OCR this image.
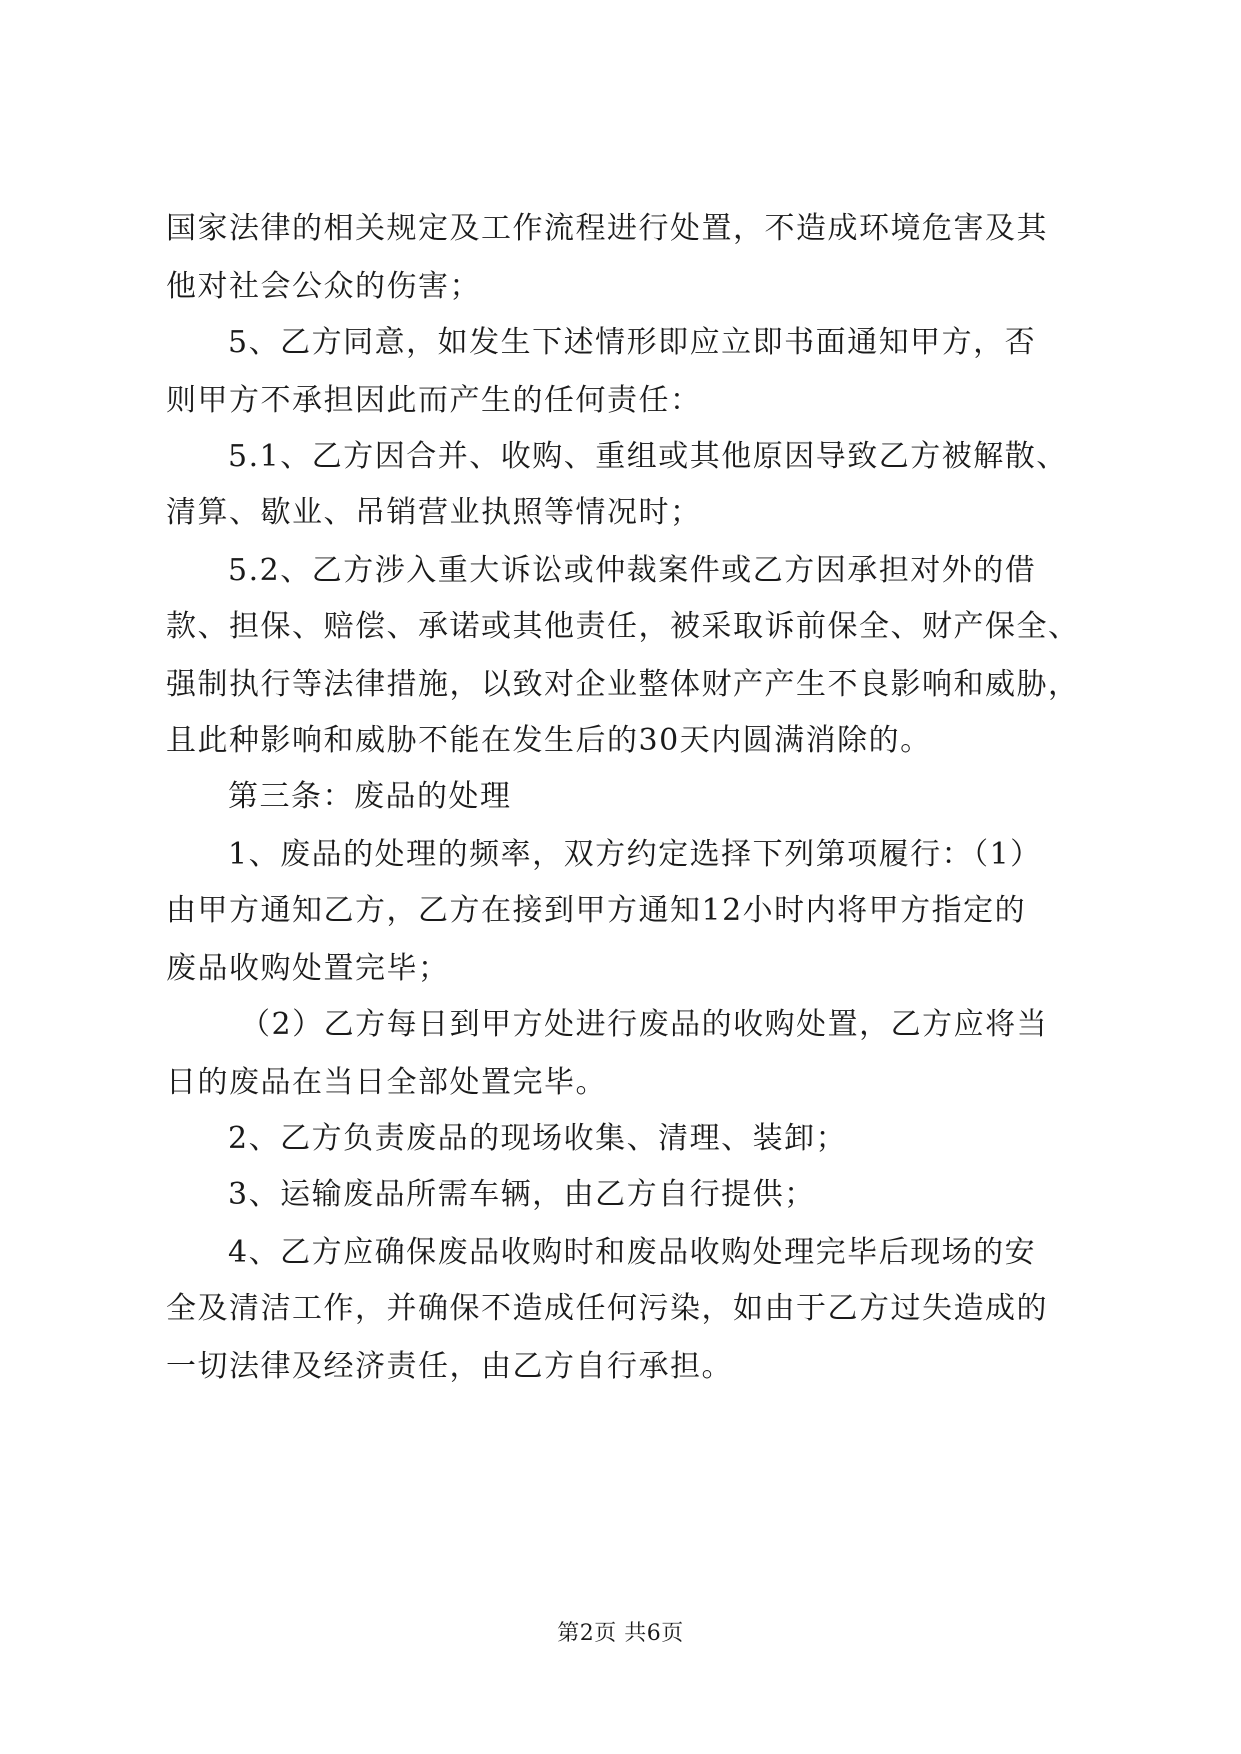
国家法律的相关规定及工作流程进行处置，不造成环境危害及其
他对社会公众的伤害；
5、乙方同意，如发生下述情形即应立即书面通知甲方，否
则甲方不承担因此而产生的任何责任：
5.1、乙方因合并、收购、重组或其他原因导致乙方被解散、
清算、歇业、吊销营业执照等情况时；
5.2、乙方涉入重大诉讼或仲裁案件或乙方因承担对外的借
款、担保、赔偿、承诺或其他责任，被采取诉前保全、财产保全、
强制执行等法律措施，以致对企业整体财产产生不良影响和威胁，
且此种影响和威胁不能在发生后的30天内圆满消除的。
第三条：废品的处理
1、废品的处理的频率，双方约定选择下列第项履行：（1）
由甲方通知乙方，乙方在接到甲方通知12小时内将甲方指定的
废品收购处置完毕；
（2）乙方每日到甲方处进行废品的收购处置，乙方应将当
日的废品在当日全部处置完毕。
2、乙方负责废品的现场收集、清理、装卸；
3、运输废品所需车辆，由乙方自行提供；
4、乙方应确保废品收购时和废品收购处理完毕后现场的安
全及清洁工作，并确保不造成任何污染，如由于乙方过失造成的
一切法律及经济责任，由乙方自行承担。
第2页 共6页
